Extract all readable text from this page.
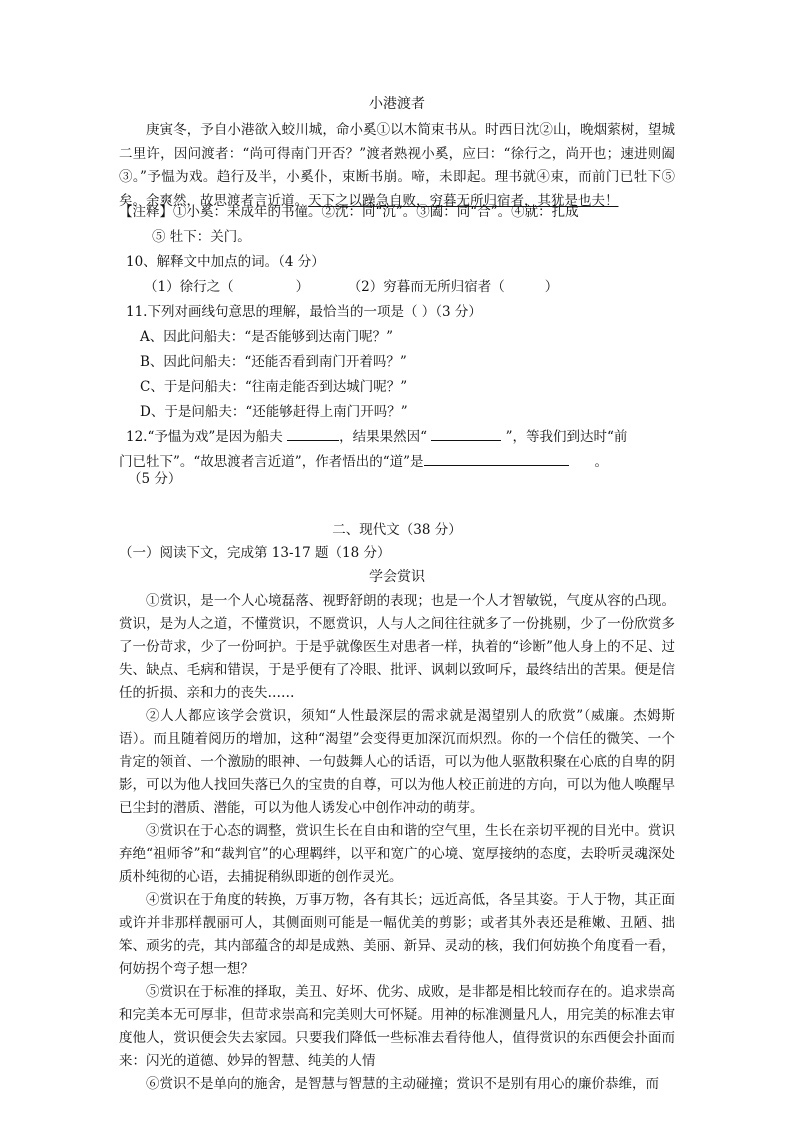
小港渡者

庚寅冬，予自小港欲入蛟川城，命小奚①以木简束书从。时西日沈②山，晚烟萦树，望城二里许，因问渡者：“尚可得南门开否？”渡者熟视小奚，应曰：“徐行之，尚开也；速进则阖③。”予愠为戏。趋行及半，小奚仆，束断书崩。啼，未即起。理书就④束，而前门已牡下⑤矣。余爽然，故思渡者言近道。天下之以躁急自败，穷暮无所归宿者，其犹是也夫！

【注释】①小奚：未成年的书僮。②沈：同“沉”。③阖：同“合”。④就：扎成
⑤ 牡下：关门。
10、解释文中加点的词。（4 分）
（1）徐行之（	）	（2）穷暮而无所归宿者（	）
11.下列对画线句意思的理解，最恰当的一项是（ ）（3 分）
A、因此问船夫：“是否能够到达南门呢？”
B、因此问船夫：“还能否看到南门开着吗？”
C、于是问船夫：“往南走能否到达城门呢？”
D、于是问船夫：“还能够赶得上南门开吗？”
12.“予愠为戏”是因为船夫	，结果果然因“	”，等我们到达时“前
门已牡下”。“故思渡者言近道”，作者悟出的“道”是	。
（5 分）
二、现代文（38 分）
（一）阅读下文，完成第 13-17 题（18 分）
学会赏识

①赏识，是一个人心境磊落、视野舒朗的表现；也是一个人才智敏锐，气度从容的凸现。赏识，是为人之道，不懂赏识，不愿赏识，人与人之间往往就多了一份挑剔，少了一份欣赏多了一份苛求，少了一份呵护。于是乎就像医生对患者一样，执着的“诊断”他人身上的不足、过失、缺点、毛病和错误，于是乎便有了冷眼、批评、讽刺以致呵斥，最终结出的苦果。便是信任的折损、亲和力的丧失……

②人人都应该学会赏识，须知“人性最深层的需求就是渴望别人的欣赏”（威廉。杰姆斯语）。而且随着阅历的增加，这种“渴望”会变得更加深沉而炽烈。你的一个信任的微笑、一个肯定的领首、一个激励的眼神、一句鼓舞人心的话语，可以为他人驱散积聚在心底的自卑的阴影，可以为他人找回失落已久的宝贵的自尊，可以为他人校正前进的方向，可以为他人唤醒早已尘封的潜质、潜能，可以为他人诱发心中创作冲动的萌芽。

③赏识在于心态的调整，赏识生长在自由和谐的空气里，生长在亲切平视的目光中。赏识弃绝“祖师爷”和“裁判官”的心理羁绊，以平和宽广的心境、宽厚接纳的态度，去聆听灵魂深处质朴纯彻的心语，去捕捉稍纵即逝的创作灵光。

④赏识在于角度的转换，万事万物，各有其长；远近高低，各呈其姿。于人于物，其正面或许并非那样靓丽可人，其侧面则可能是一幅优美的剪影；或者其外表还是稚嫩、丑陋、拙笨、顽劣的壳，其内部蕴含的却是成熟、美丽、新异、灵动的核，我们何妨换个角度看一看，何妨拐个弯子想一想？

⑤赏识在于标准的择取，美丑、好坏、优劣、成败，是非都是相比较而存在的。追求崇高和完美本无可厚非，但苛求崇高和完美则大可怀疑。用神的标准测量凡人，用完美的标准去审度他人，赏识便会失去家园。只要我们降低一些标准去看待他人，值得赏识的东西便会扑面而来：闪光的道德、妙异的智慧、纯美的人情

⑥赏识不是单向的施舍，是智慧与智慧的主动碰撞；赏识不是别有用心的廉价恭维，而
